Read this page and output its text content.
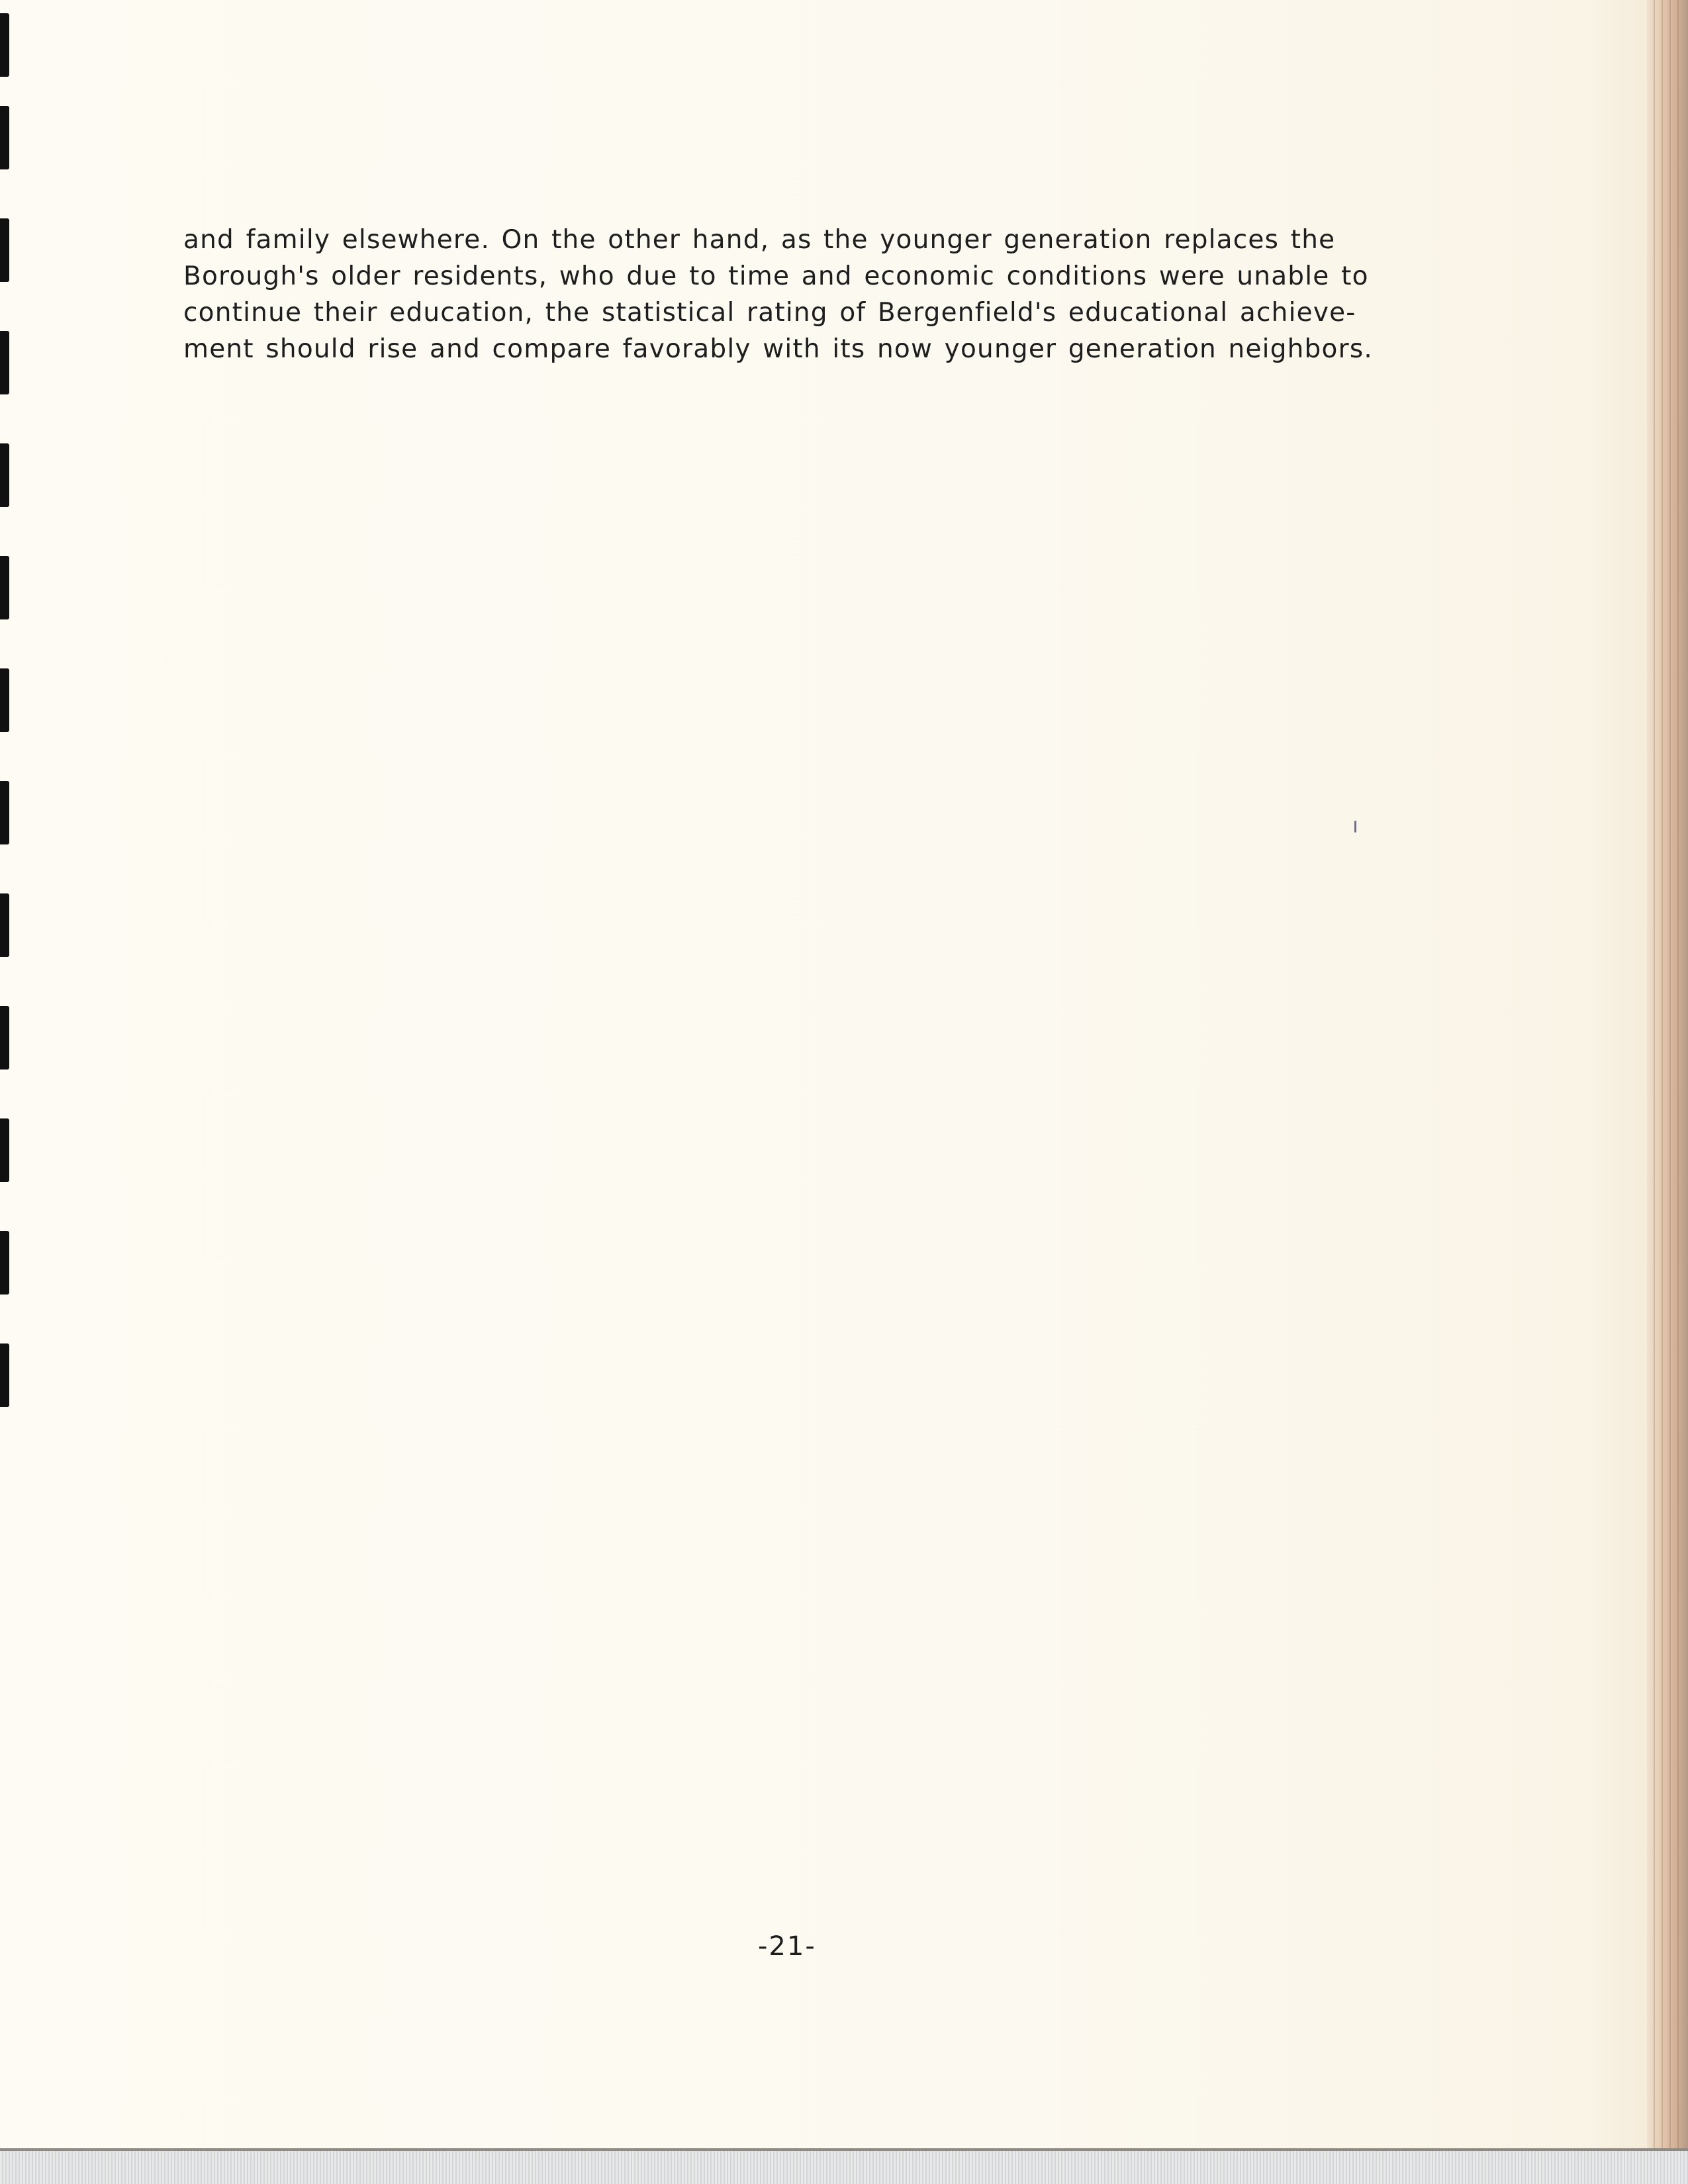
and family elsewhere. On the other hand, as the younger generation replaces the
Borough's older residents, who due to time and economic conditions were unable to
continue their education, the statistical rating of Bergenfield's educational achieve-
ment should rise and compare favorably with its now younger generation neighbors.

-21-
